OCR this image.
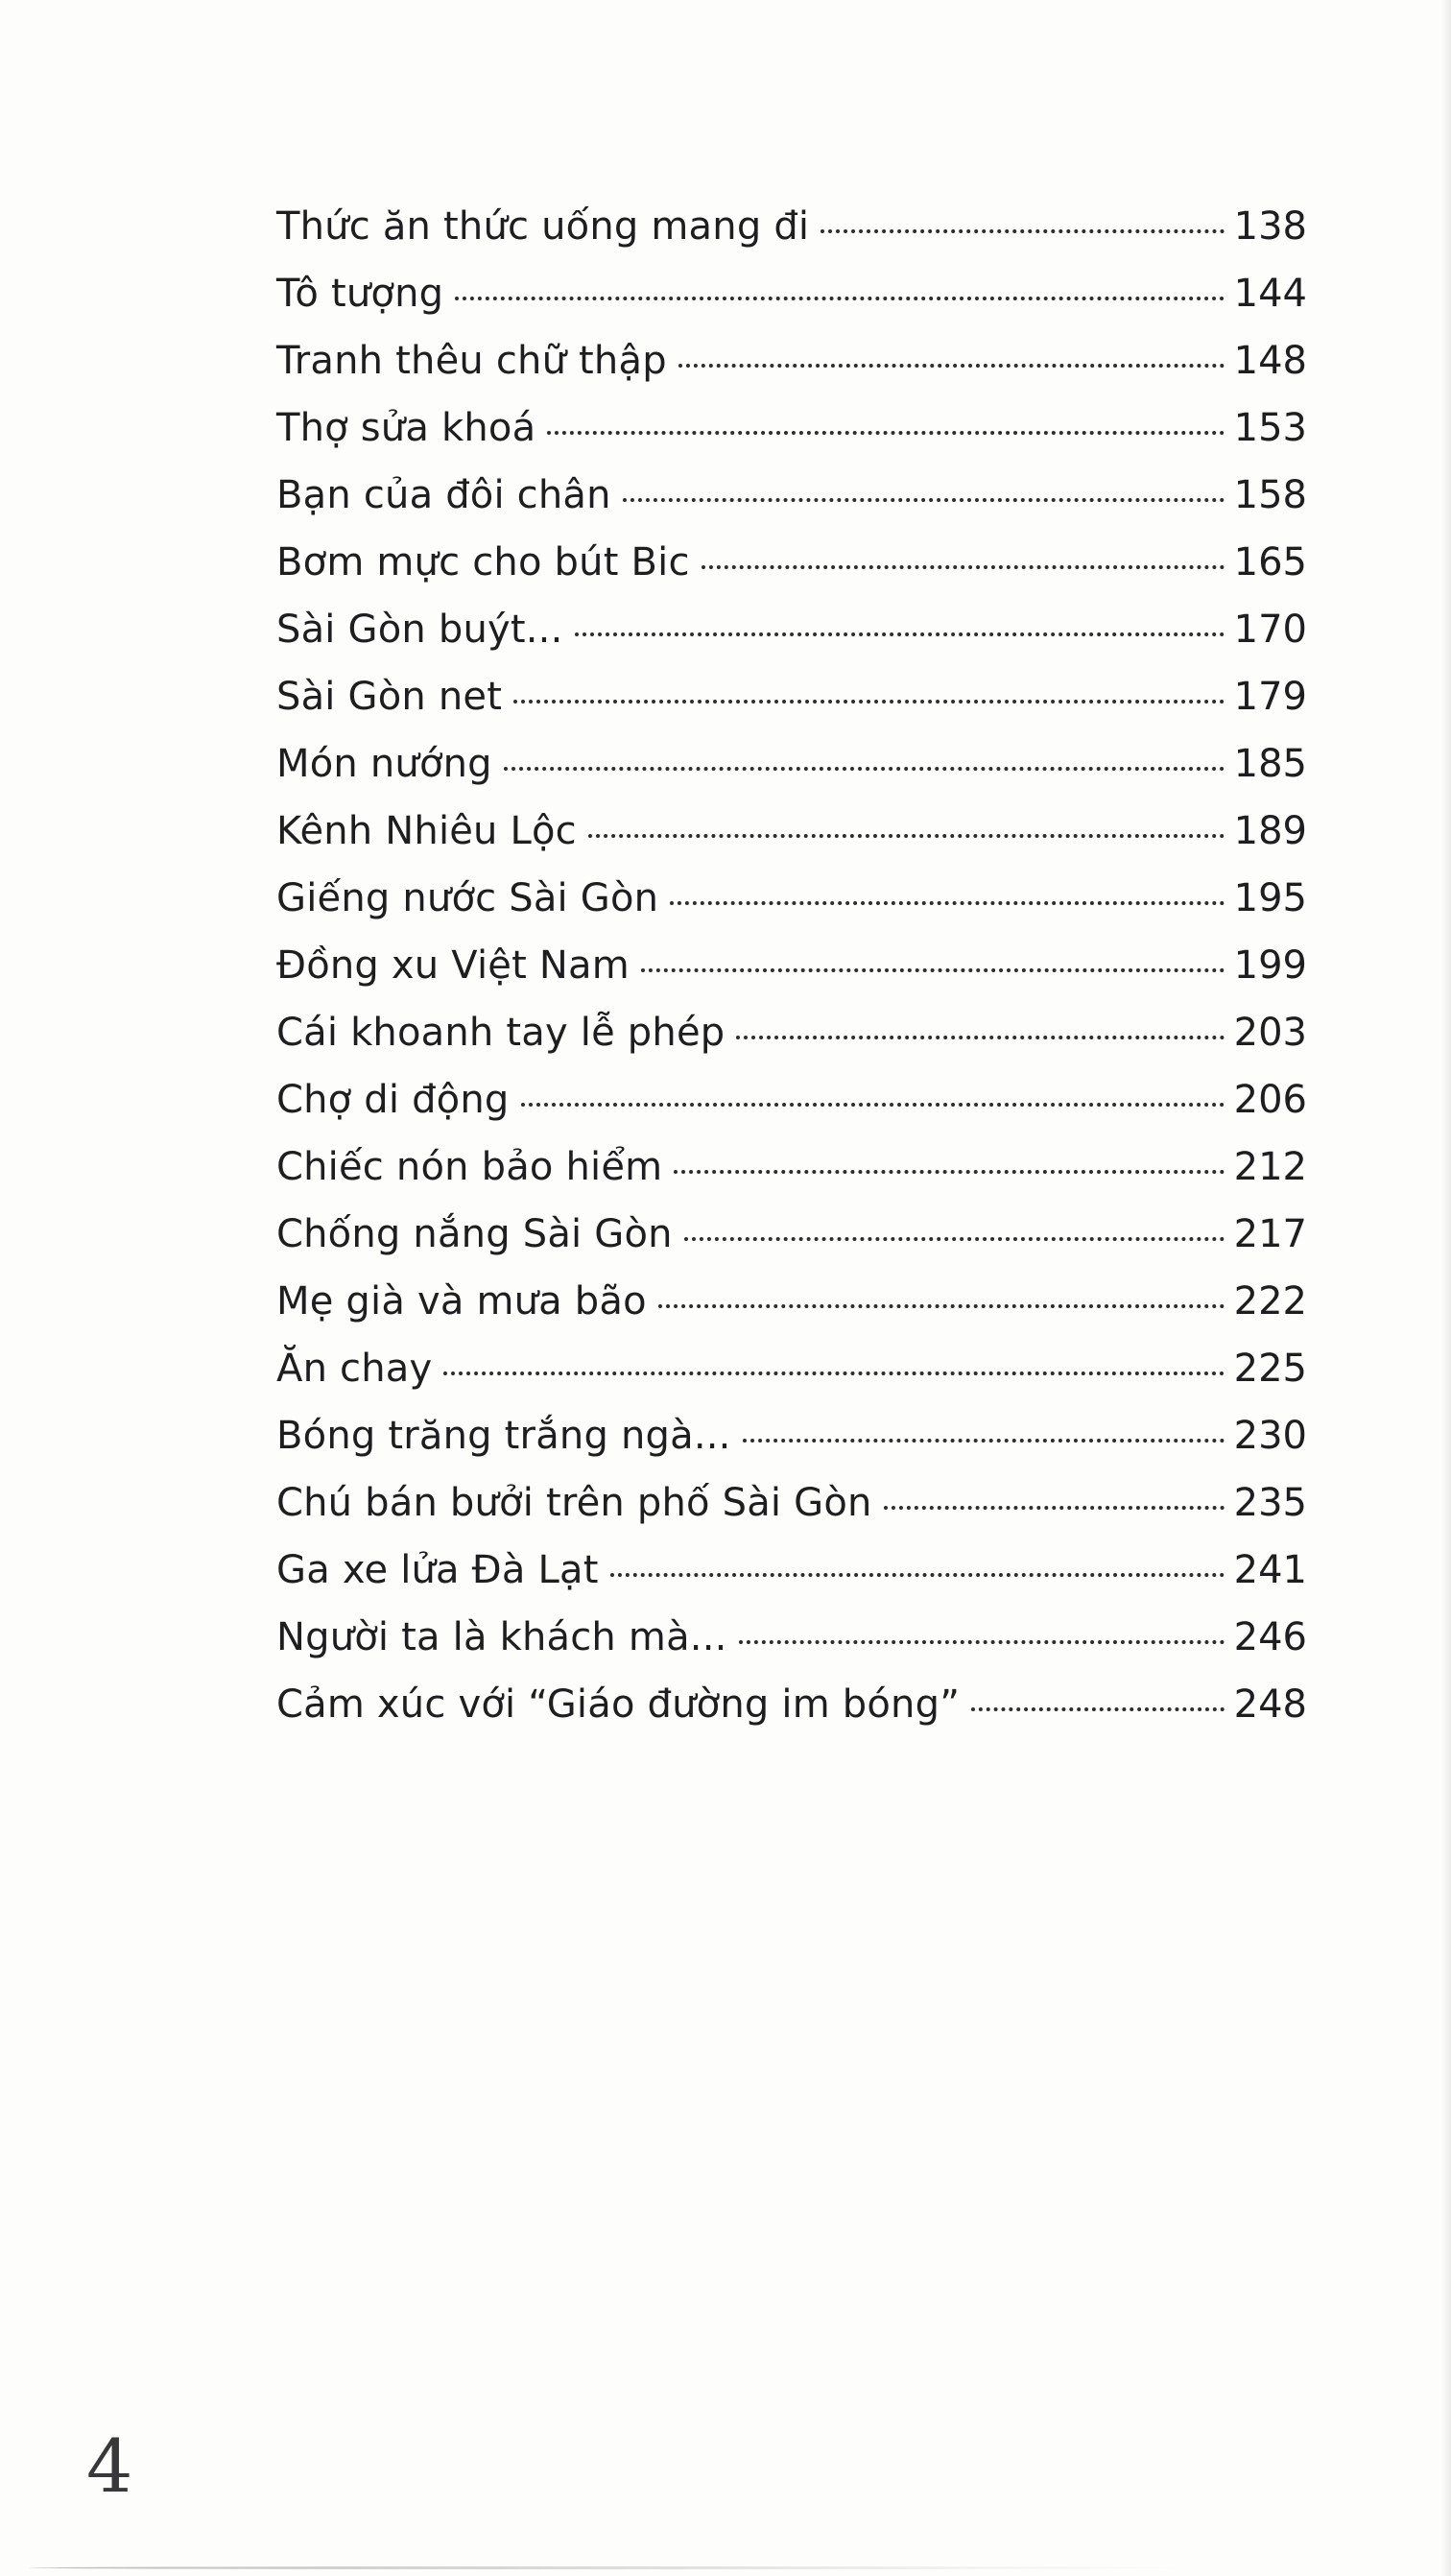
Thức ăn thức uống mang đi	138
Tô tượng	144
Tranh thêu chữ thập	148
Thợ sửa khoá	153
Bạn của đôi chân	158
Bơm mực cho bút Bic	165
Sài Gòn buýt...	170
Sài Gòn net	179
Món nướng	185
Kênh Nhiêu Lộc	189
Giếng nước Sài Gòn	195
Đồng xu Việt Nam	199
Cái khoanh tay lễ phép	203
Chợ di động	206
Chiếc nón bảo hiểm	212
Chống nắng Sài Gòn	217
Mẹ già và mưa bão	222
Ăn chay	225
Bóng trăng trắng ngà...	230
Chú bán bưởi trên phố Sài Gòn	235
Ga xe lửa Đà Lạt	241
Người ta là khách mà...	246
Cảm xúc với “Giáo đường im bóng”	248
4
